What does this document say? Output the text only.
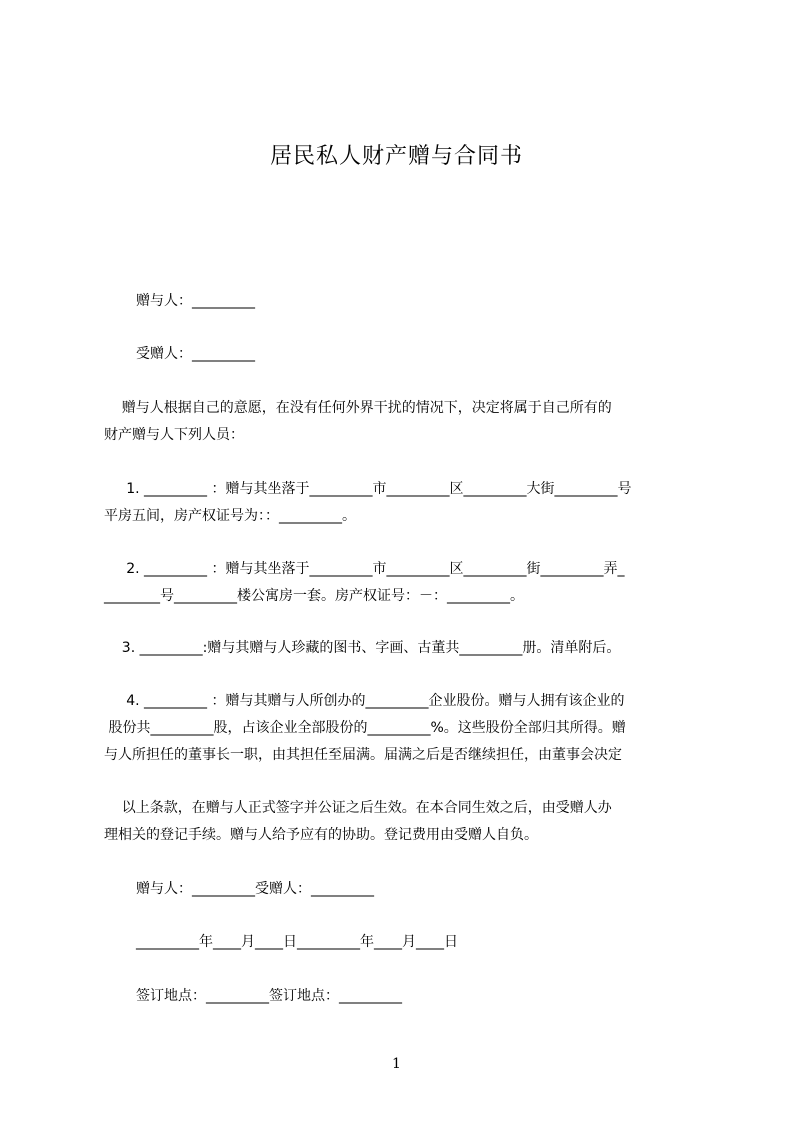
居民私人财产赠与合同书
赠与人：_________
受赠人：_________
赠与人根据自己的意愿，在没有任何外界干扰的情况下，决定将属于自己所有的
财产赠与人下列人员：
1. _________ ：赠与其坐落于_________市_________区_________大街_________号
平房五间，房产权证号为：：_________。
2. _________ ：赠与其坐落于_________市_________区_________街_________弄_
________号_________楼公寓房一套。房产权证号：－：_________。
3. _________:赠与其赠与人珍藏的图书、字画、古董共_________册。清单附后。
4. _________ ：赠与其赠与人所创办的_________企业股份。赠与人拥有该企业的
股份共_________股，占该企业全部股份的_________%。这些股份全部归其所得。赠
与人所担任的董事长一职，由其担任至届满。届满之后是否继续担任，由董事会决定
以上条款，在赠与人正式签字并公证之后生效。在本合同生效之后，由受赠人办
理相关的登记手续。赠与人给予应有的协助。登记费用由受赠人自负。
赠与人：_________受赠人：_________
_________年____月____日_________年____月____日
签订地点：_________签订地点：_________
1
